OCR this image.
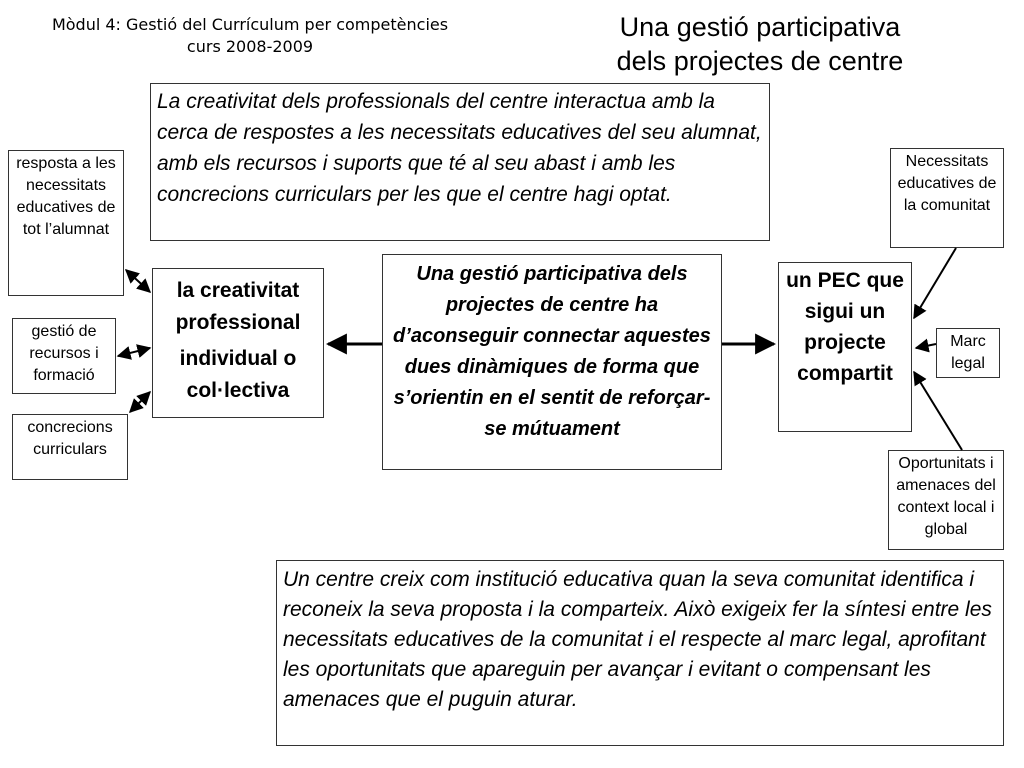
Mòdul 4: Gestió del Currículum per competències
curs 2008-2009
Una gestió participativa
dels projectes de centre
La creativitat dels professionals del centre interactua amb la cerca de respostes a les necessitats educatives del seu alumnat, amb els recursos i suports que té al seu abast i amb les concrecions curriculars per les que el centre hagi optat.
resposta a les necessitats educatives de tot l’alumnat
gestió de recursos i formació
concrecions curriculars
la creativitat professional
individual o col·lectiva
Una gestió participativa dels projectes de centre ha d’aconseguir connectar aquestes dues dinàmiques de forma que s’orientin en el sentit de reforçar-se mútuament
un PEC que sigui un projecte compartit
Necessitats educatives de la comunitat
Marc legal
Oportunitats i amenaces del context local i global
Un centre creix com institució educativa quan la seva comunitat identifica i reconeix la seva proposta i la comparteix. Això exigeix fer la síntesi entre les necessitats educatives de la comunitat i el respecte al marc legal, aprofitant les oportunitats que apareguin per avançar i evitant o compensant les amenaces que el puguin aturar.
